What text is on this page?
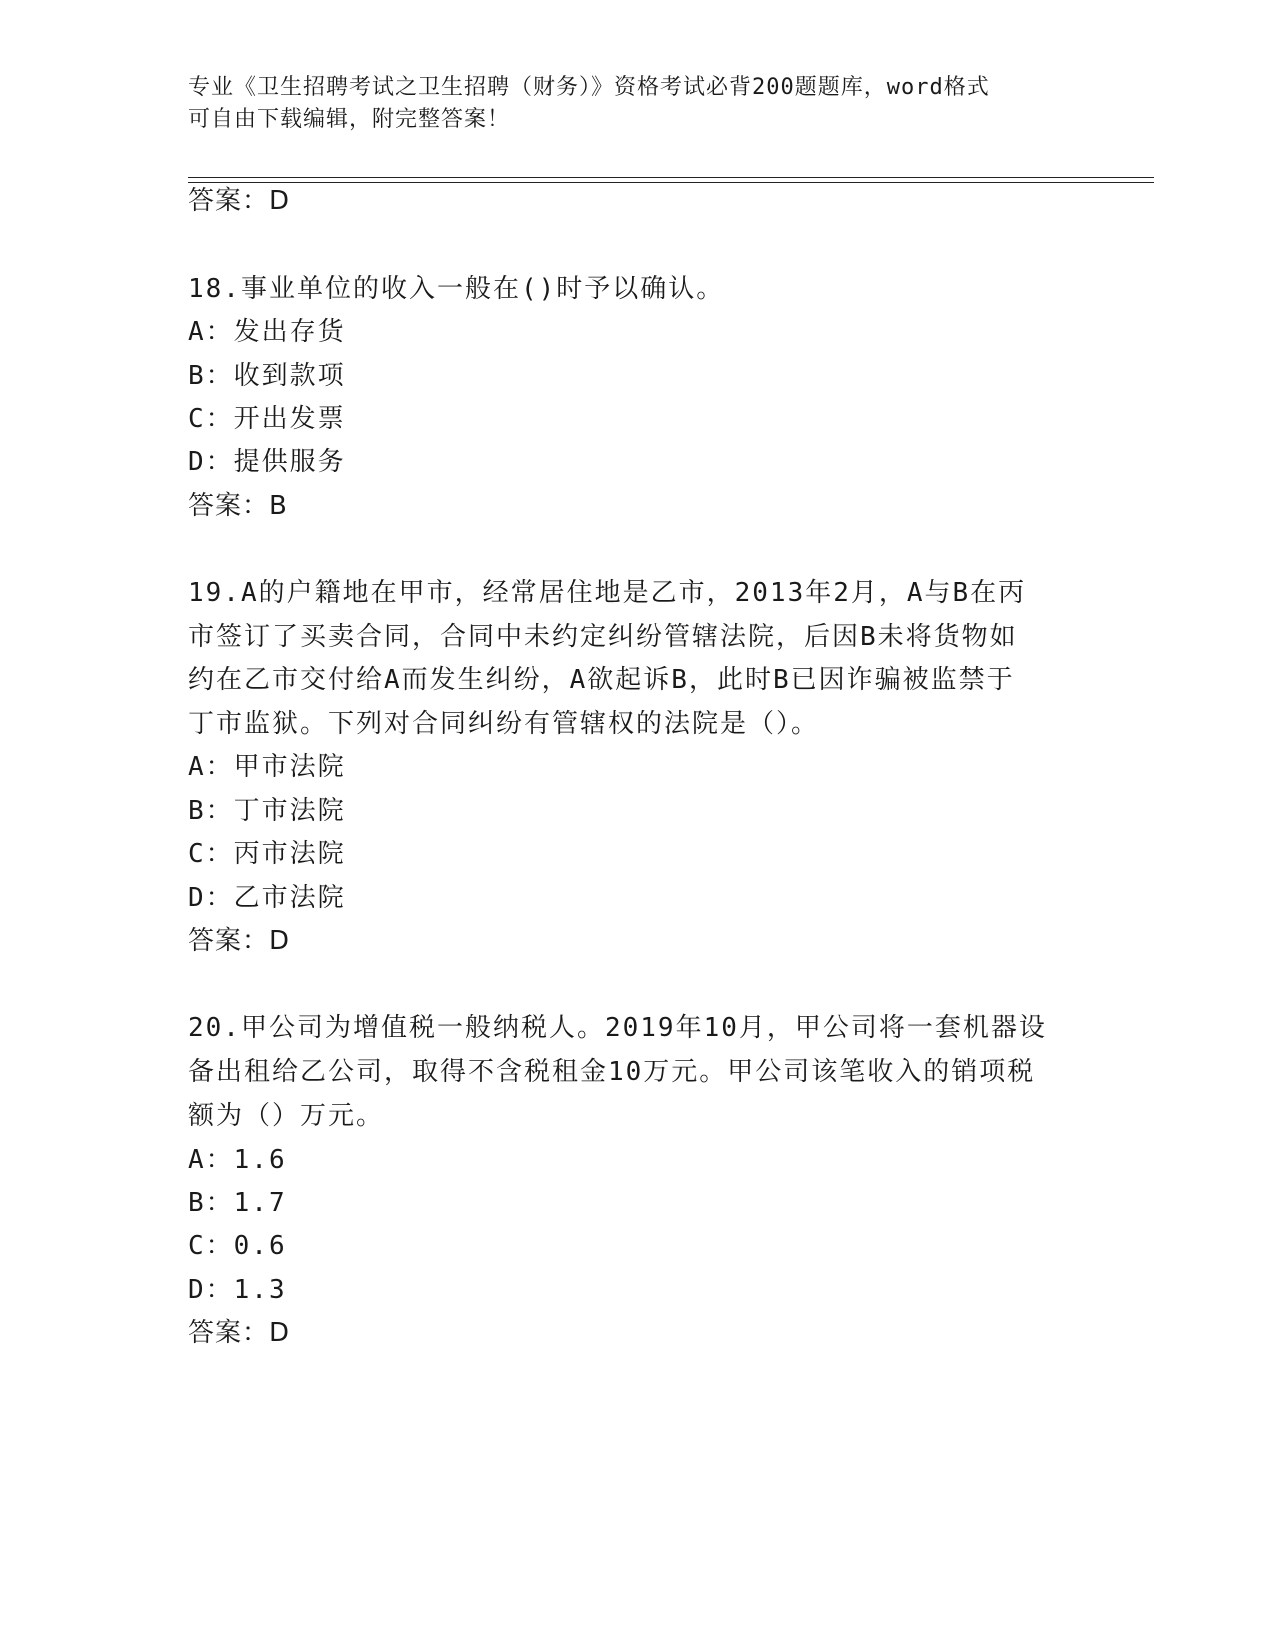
专业《卫生招聘考试之卫生招聘（财务）》资格考试必背200题题库，word格式
可自由下载编辑，附完整答案！
答案：D
18.事业单位的收入一般在()时予以确认。
A：发出存货
B：收到款项
C：开出发票
D：提供服务
答案：B
19.A的户籍地在甲市，经常居住地是乙市，2013年2月，A与B在丙
市签订了买卖合同，合同中未约定纠纷管辖法院，后因B未将货物如
约在乙市交付给A而发生纠纷，A欲起诉B，此时B已因诈骗被监禁于
丁市监狱。下列对合同纠纷有管辖权的法院是（）。
A：甲市法院
B：丁市法院
C：丙市法院
D：乙市法院
答案：D
20.甲公司为增值税一般纳税人。2019年10月，甲公司将一套机器设
备出租给乙公司，取得不含税租金10万元。甲公司该笔收入的销项税
额为（）万元。
A：1.6
B：1.7
C：0.6
D：1.3
答案：D
